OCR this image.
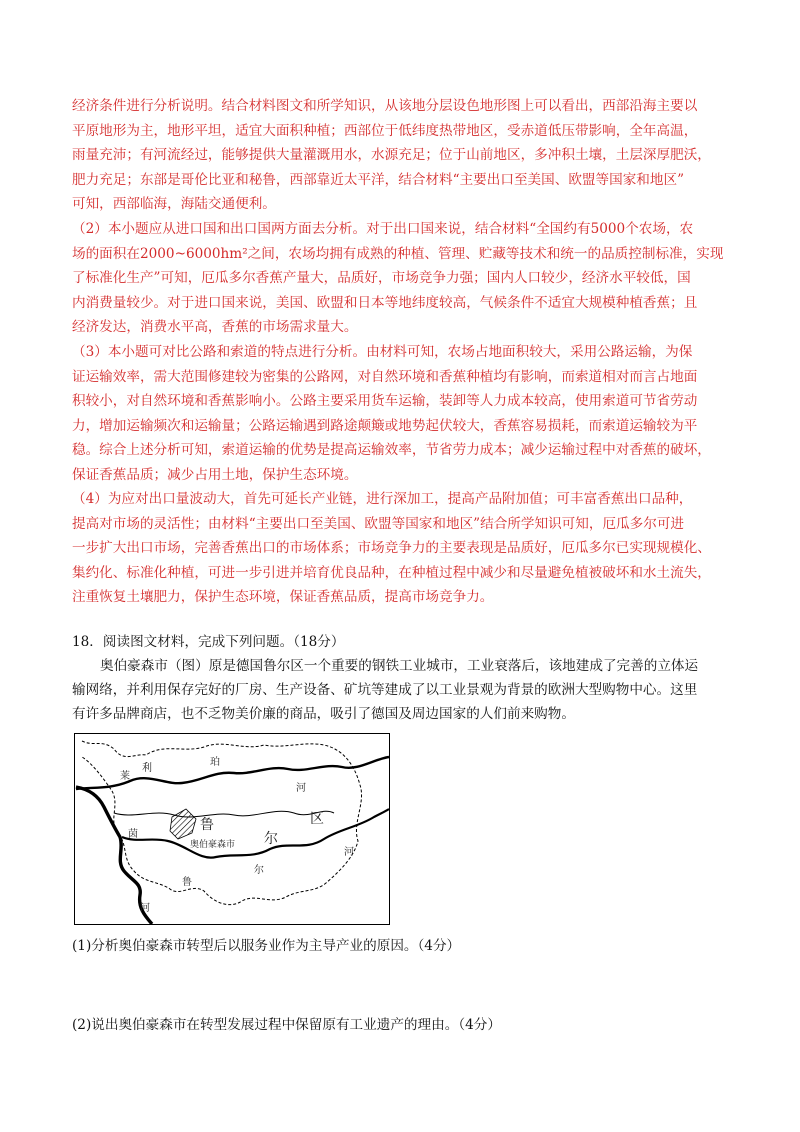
经济条件进行分析说明。结合材料图文和所学知识，从该地分层设色地形图上可以看出，西部沿海主要以

平原地形为主，地形平坦，适宜大面积种植；西部位于低纬度热带地区，受赤道低压带影响，全年高温，

雨量充沛；有河流经过，能够提供大量灌溉用水，水源充足；位于山前地区，多冲积土壤，土层深厚肥沃，

肥力充足；东部是哥伦比亚和秘鲁，西部靠近太平洋，结合材料“主要出口至美国、欧盟等国家和地区”

可知，西部临海，海陆交通便利。

（2）本小题应从进口国和出口国两方面去分析。对于出口国来说，结合材料“全国约有5000个农场，农

场的面积在2000~6000hm²之间，农场均拥有成熟的种植、管理、贮藏等技术和统一的品质控制标准，实现

了标准化生产”可知，厄瓜多尔香蕉产量大，品质好，市场竞争力强；国内人口较少，经济水平较低，国

内消费量较少。对于进口国来说，美国、欧盟和日本等地纬度较高，气候条件不适宜大规模种植香蕉；且

经济发达，消费水平高，香蕉的市场需求量大。

（3）本小题可对比公路和索道的特点进行分析。由材料可知，农场占地面积较大，采用公路运输，为保

证运输效率，需大范围修建较为密集的公路网，对自然环境和香蕉种植均有影响，而索道相对而言占地面

积较小，对自然环境和香蕉影响小。公路主要采用货车运输，装卸等人力成本较高，使用索道可节省劳动

力，增加运输频次和运输量；公路运输遇到路途颠簸或地势起伏较大，香蕉容易损耗，而索道运输较为平

稳。综合上述分析可知，索道运输的优势是提高运输效率，节省劳力成本；减少运输过程中对香蕉的破坏，

保证香蕉品质；减少占用土地，保护生态环境。

（4）为应对出口量波动大，首先可延长产业链，进行深加工，提高产品附加值；可丰富香蕉出口品种，

提高对市场的灵活性；由材料“主要出口至美国、欧盟等国家和地区”结合所学知识可知，厄瓜多尔可进

一步扩大出口市场，完善香蕉出口的市场体系；市场竞争力的主要表现是品质好，厄瓜多尔已实现规模化、

集约化、标准化种植，可进一步引进并培育优良品种，在种植过程中减少和尽量避免植被破坏和水土流失，

注重恢复土壤肥力，保护生态环境，保证香蕉品质，提高市场竞争力。

18．阅读图文材料，完成下列问题。（18分）

奥伯豪森市（图）原是德国鲁尔区一个重要的钢铁工业城市，工业衰落后，该地建成了完善的立体运

输网络，并利用保存完好的厂房、生产设备、矿坑等建成了以工业景观为背景的欧洲大型购物中心。这里

有许多品牌商店，也不乏物美价廉的商品，吸引了德国及周边国家的人们前来购物。

莱
利
珀
河
鲁
尔
区
茵
奥伯豪森市
河
尔
鲁
河

(1)分析奥伯豪森市转型后以服务业作为主导产业的原因。（4分）

(2)说出奥伯豪森市在转型发展过程中保留原有工业遗产的理由。（4分）
